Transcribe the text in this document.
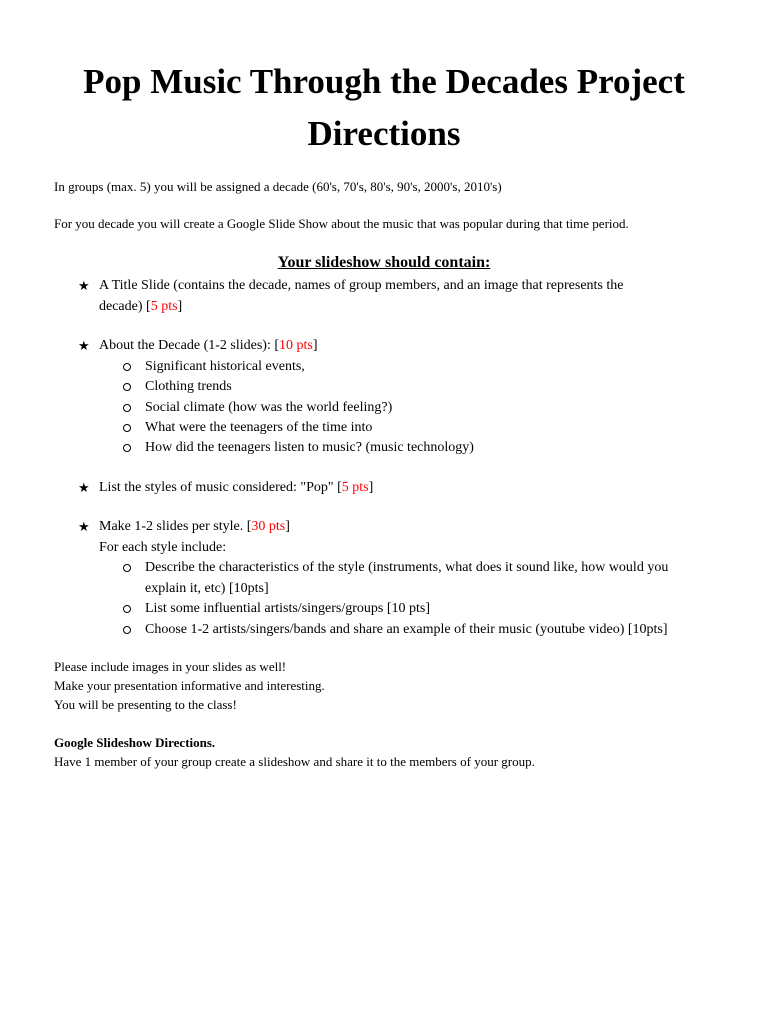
Pop Music Through the Decades Project
Directions

In groups (max. 5) you will be assigned a decade (60's, 70's, 80's, 90's, 2000's, 2010's)

For you decade you will create a Google Slide Show about the music that was popular during that time period.

Your slideshow should contain:
★ A Title Slide (contains the decade, names of group members, and an image that represents the
decade) [5 pts]
★ About the Decade (1-2 slides): [10 pts]
Significant historical events,
Clothing trends
Social climate (how was the world feeling?)
What were the teenagers of the time into
How did the teenagers listen to music? (music technology)
★ List the styles of music considered: "Pop" [5 pts]
★ Make 1-2 slides per style. [30 pts]
For each style include:
Describe the characteristics of the style (instruments, what does it sound like, how would you
explain it, etc) [10pts]
List some influential artists/singers/groups [10 pts]
Choose 1-2 artists/singers/bands and share an example of their music (youtube video) [10pts]

Please include images in your slides as well!

Make your presentation informative and interesting.

You will be presenting to the class!

Google Slideshow Directions.

Have 1 member of your group create a slideshow and share it to the members of your group.
